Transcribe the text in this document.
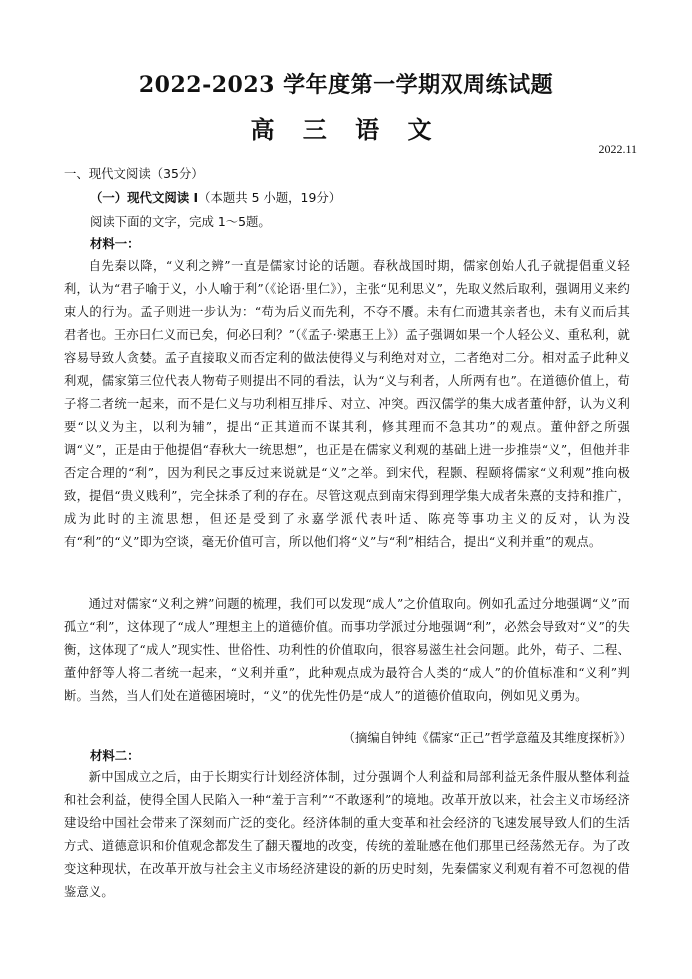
2022-2023 学年度第一学期双周练试题
高 三 语 文
2022.11
一、现代文阅读（35分）
（一）现代文阅读 I（本题共 5 小题，19分）
阅读下面的文字，完成 1～5题。
材料一：
自先秦以降，“义利之辨”一直是儒家讨论的话题。春秋战国时期，儒家创始人孔子就提倡重义轻利，认为“君子喻于义，小人喻于利”（《论语·里仁》），主张“见利思义”，先取义然后取利，强调用义来约束人的行为。孟子则进一步认为：“苟为后义而先利，不夺不餍。未有仁而遗其亲者也，未有义而后其君者也。王亦曰仁义而已矣，何必曰利？”（《孟子·梁惠王上》）孟子强调如果一个人轻公义、重私利，就容易导致人贪婪。孟子直接取义而否定利的做法使得义与利绝对对立，二者绝对二分。相对孟子此种义利观，儒家第三位代表人物荀子则提出不同的看法，认为“义与利者，人所两有也”。在道德价值上，荀子将二者统一起来，而不是仁义与功利相互排斥、对立、冲突。西汉儒学的集大成者董仲舒，认为义利要“以义为主，以利为辅”，提出“正其道而不谋其利，修其理而不急其功”的观点。董仲舒之所强调“义”，正是由于他提倡“春秋大一统思想”，也正是在儒家义利观的基础上进一步推崇“义”，但他并非否定合理的“利”，因为利民之事反过来说就是“义”之举。到宋代，程颢、程颐将儒家“义利观”推向极致，提倡“贵义贱利”，完全抹杀了利的存在。尽管这观点到南宋得到理学集大成者朱熹的支持和推广，成为此时的主流思想，但还是受到了永嘉学派代表叶适、陈亮等事功主义的反对，认为没有“利”的“义”即为空谈，毫无价值可言，所以他们将“义”与“利”相结合，提出“义利并重”的观点。
通过对儒家“义利之辨”问题的梳理，我们可以发现“成人”之价值取向。例如孔孟过分地强调“义”而孤立“利”，这体现了“成人”理想主上的道德价值。而事功学派过分地强调“利”，必然会导致对“义”的失衡，这体现了“成人”现实性、世俗性、功利性的价值取向，很容易滋生社会问题。此外，荀子、二程、董仲舒等人将二者统一起来，“义利并重”，此种观点成为最符合人类的“成人”的价值标准和“义利”判断。当然，当人们处在道德困境时，“义”的优先性仍是“成人”的道德价值取向，例如见义勇为。
（摘编自钟纯《儒家“正己”哲学意蕴及其维度探析》）
材料二：
新中国成立之后，由于长期实行计划经济体制，过分强调个人利益和局部利益无条件服从整体利益和社会利益，使得全国人民陷入一种“羞于言利”“不敢逐利”的境地。改革开放以来，社会主义市场经济建设给中国社会带来了深刻而广泛的变化。经济体制的重大变革和社会经济的飞速发展导致人们的生活方式、道德意识和价值观念都发生了翻天覆地的改变，传统的羞耻感在他们那里已经荡然无存。为了改变这种现状，在改革开放与社会主义市场经济建设的新的历史时刻，先秦儒家义利观有着不可忽视的借鉴意义。
